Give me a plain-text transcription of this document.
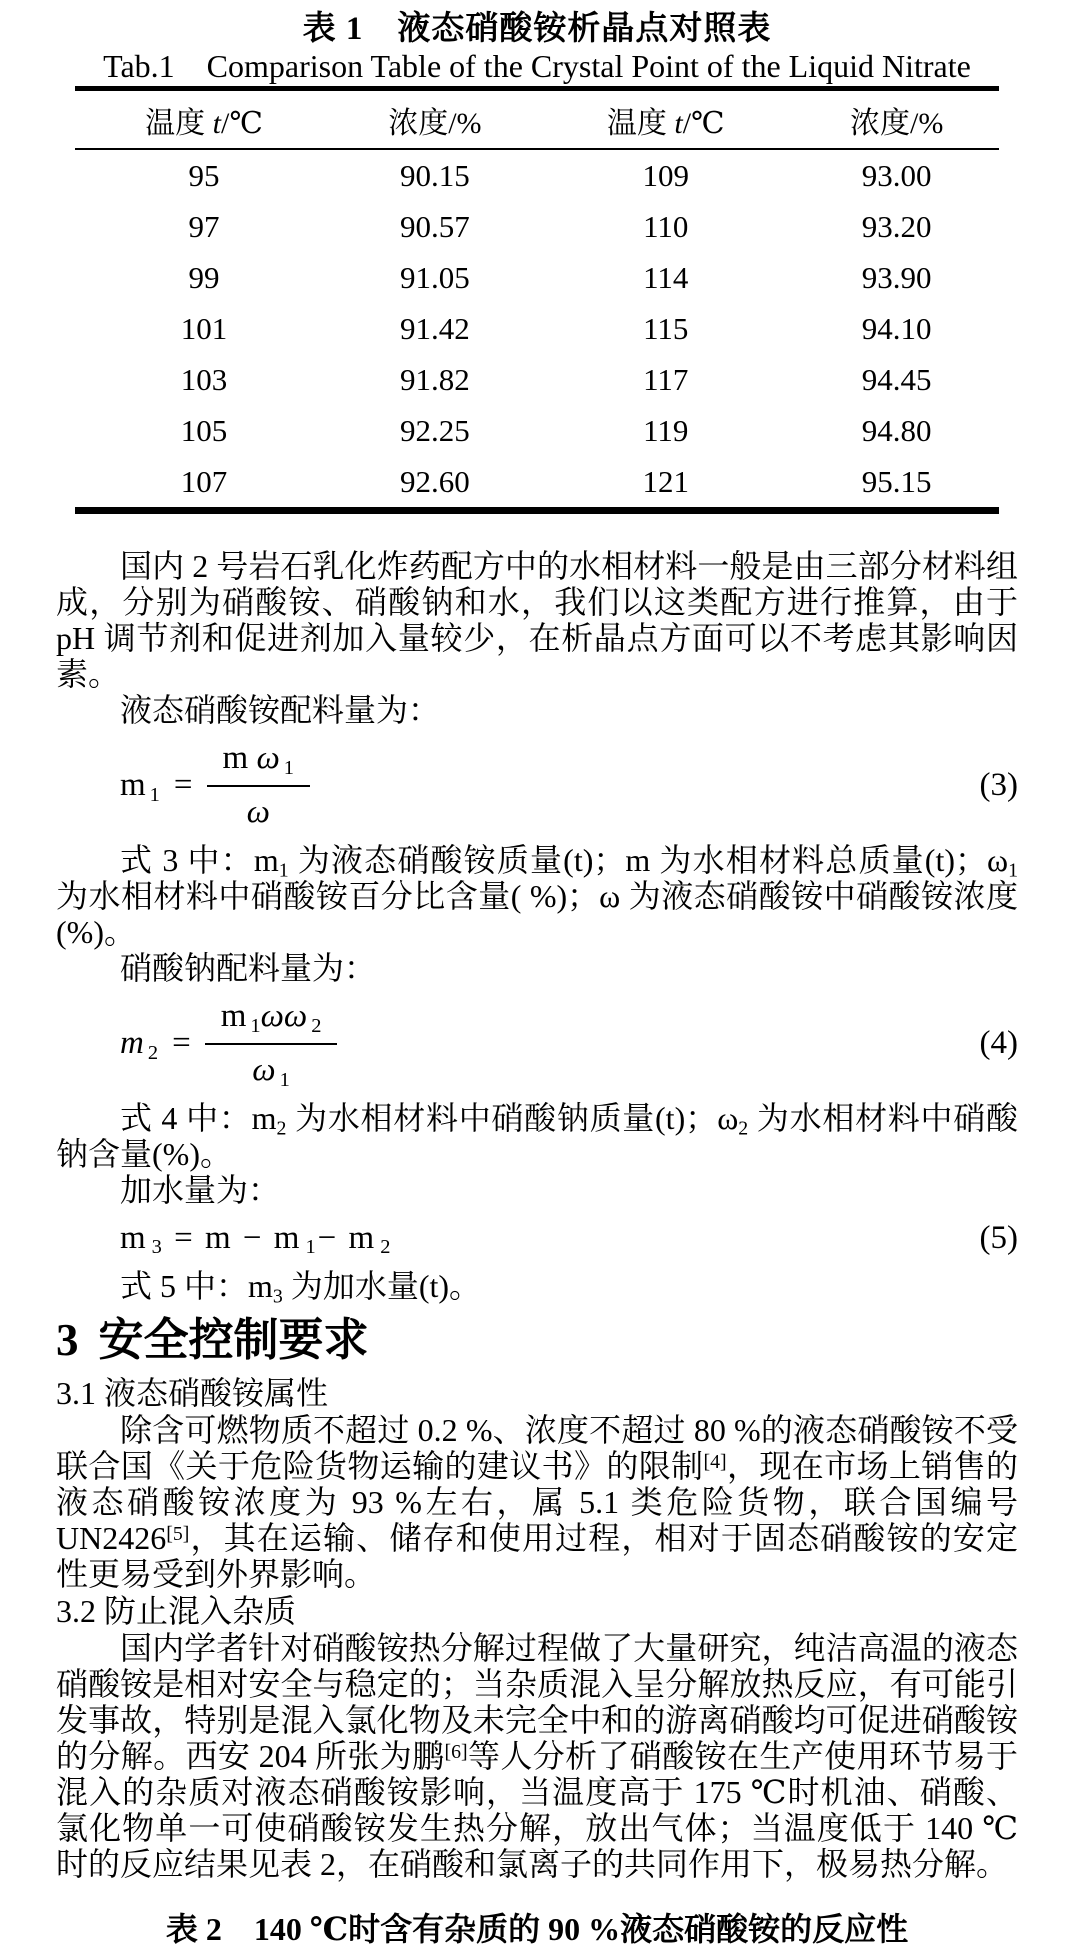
表 1　液态硝酸铵析晶点对照表
Tab.1　Comparison Table of the Crystal Point of the Liquid Nitrate
温度 t/℃	浓度/%	温度 t/℃	浓度/%
95	90.15	109	93.00
97	90.57	110	93.20
99	91.05	114	93.90
101	91.42	115	94.10
103	91.82	117	94.45
105	92.25	119	94.80
107	92.60	121	95.15

国内 2 号岩石乳化炸药配方中的水相材料一般是由三部分材料组成，分别为硝酸铵、硝酸钠和水，我们以这类配方进行推算，由于 pH 调节剂和促进剂加入量较少，在析晶点方面可以不考虑其影响因素。

液态硝酸铵配料量为：

m $_1 = \frac{m \omega _1}{\omega}$	(3)

式 3 中：$m_1$ 为液态硝酸铵质量(t)；m 为水相材料总质量(t)；$\omega_1$ 为水相材料中硝酸铵百分比含量( %)；ω 为液态硝酸铵中硝酸铵浓度(%)。

硝酸钠配料量为：

m $_2 = \frac{m _1\omega\omega _2}{\omega _1}$	(4)

式 4 中：$m_2$ 为水相材料中硝酸钠质量(t)；$\omega_2$ 为水相材料中硝酸钠含量(%)。

加水量为：

m $_3$ = m − m $_1$− m $_2$	(5)

式 5 中：$m_3$ 为加水量(t)。

3 安全控制要求

3.1 液态硝酸铵属性

除含可燃物质不超过 0.2 %、浓度不超过 80 %的液态硝酸铵不受联合国《关于危险货物运输的建议书》的限制[4]，现在市场上销售的液态硝酸铵浓度为 93 %左右，属 5.1 类危险货物，联合国编号 UN2426[5]，其在运输、储存和使用过程，相对于固态硝酸铵的安定性更易受到外界影响。

3.2 防止混入杂质

国内学者针对硝酸铵热分解过程做了大量研究，纯洁高温的液态硝酸铵是相对安全与稳定的；当杂质混入呈分解放热反应，有可能引发事故，特别是混入氯化物及未完全中和的游离硝酸均可促进硝酸铵的分解。西安 204 所张为鹏[6]等人分析了硝酸铵在生产使用环节易于混入的杂质对液态硝酸铵影响，当温度高于 175 ℃时机油、硝酸、氯化物单一可使硝酸铵发生热分解，放出气体；当温度低于 140 ℃时的反应结果见表 2，在硝酸和氯离子的共同作用下，极易热分解。

表 2　140 ℃时含有杂质的 90 %液态硝酸铵的反应性
